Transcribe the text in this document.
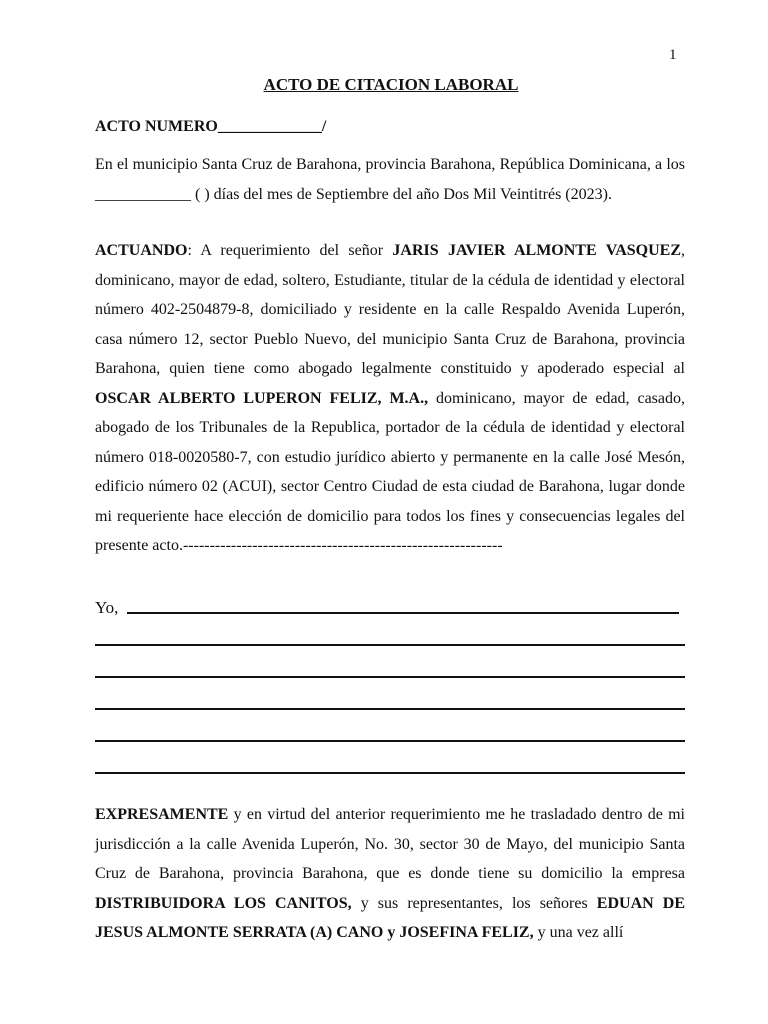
1
ACTO DE CITACION LABORAL
ACTO NUMERO_____________/

En el municipio Santa Cruz de Barahona, provincia Barahona, República Dominicana, a los ____________ ( ) días del mes de Septiembre del año Dos Mil Veintitrés (2023).

ACTUANDO: A requerimiento del señor JARIS JAVIER ALMONTE VASQUEZ, dominicano, mayor de edad, soltero, Estudiante, titular de la cédula de identidad y electoral número 402-2504879-8, domiciliado y residente en la calle Respaldo Avenida Luperón, casa número 12, sector Pueblo Nuevo, del municipio Santa Cruz de Barahona, provincia Barahona, quien tiene como abogado legalmente constituido y apoderado especial al OSCAR ALBERTO LUPERON FELIZ, M.A., dominicano, mayor de edad, casado, abogado de los Tribunales de la Republica, portador de la cédula de identidad y electoral número 018-0020580-7, con estudio jurídico abierto y permanente en la calle José Mesón, edificio número 02 (ACUI), sector Centro Ciudad de esta ciudad de Barahona, lugar donde mi requeriente hace elección de domicilio para todos los fines y consecuencias legales del presente acto.------------------------------------------------------------

Yo,

EXPRESAMENTE y en virtud del anterior requerimiento me he trasladado dentro de mi jurisdicción a la calle Avenida Luperón, No. 30, sector 30 de Mayo, del municipio Santa Cruz de Barahona, provincia Barahona, que es donde tiene su domicilio la empresa DISTRIBUIDORA LOS CANITOS, y sus representantes, los señores EDUAN DE JESUS ALMONTE SERRATA (A) CANO y JOSEFINA FELIZ, y una vez allí
